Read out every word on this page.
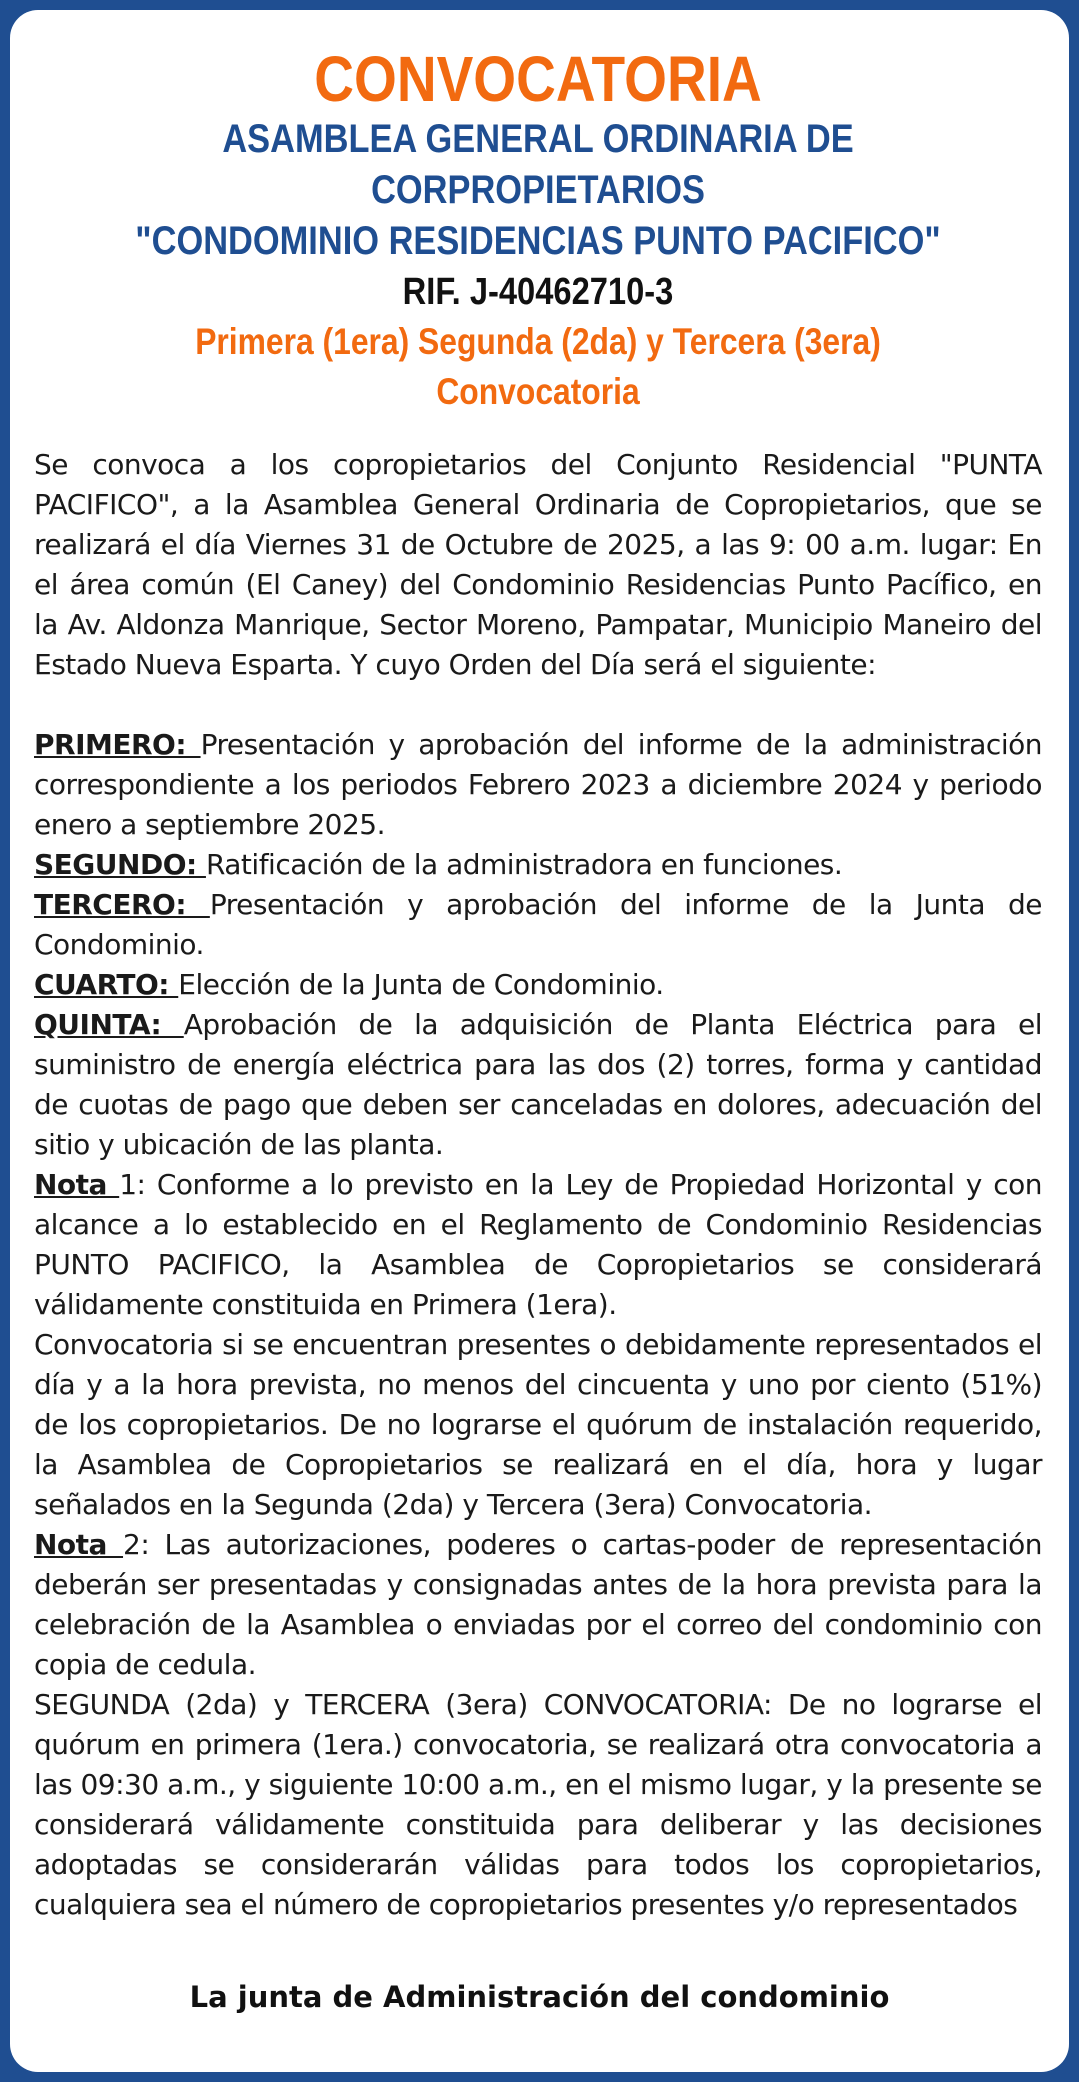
CONVOCATORIA
ASAMBLEA GENERAL ORDINARIA DE CORPROPIETARIOS
"CONDOMINIO RESIDENCIAS PUNTO PACIFICO"
RIF. J-40462710-3
Primera (1era) Segunda (2da) y Tercera (3era) Convocatoria

Se convoca a los copropietarios del Conjunto Residencial "PUNTA PACIFICO", a la Asamblea General Ordinaria de Copropietarios, que se realizará el día Viernes 31 de Octubre de 2025, a las 9: 00 a.m. lugar: En el área común (El Caney) del Condominio Residencias Punto Pacífico, en la Av. Aldonza Manrique, Sector Moreno, Pampatar, Municipio Maneiro del Estado Nueva Esparta. Y cuyo Orden del Día será el siguiente:

PRIMERO: Presentación y aprobación del informe de la administración correspondiente a los periodos Febrero 2023 a diciembre 2024 y periodo enero a septiembre 2025.

SEGUNDO: Ratificación de la administradora en funciones.

TERCERO: Presentación y aprobación del informe de la Junta de Condominio.

CUARTO: Elección de la Junta de Condominio.

QUINTA: Aprobación de la adquisición de Planta Eléctrica para el suministro de energía eléctrica para las dos (2) torres, forma y cantidad de cuotas de pago que deben ser canceladas en dolores, adecuación del sitio y ubicación de las planta.

Nota 1: Conforme a lo previsto en la Ley de Propiedad Horizontal y con alcance a lo establecido en el Reglamento de Condominio Residencias PUNTO PACIFICO, la Asamblea de Copropietarios se considerará válidamente constituida en Primera (1era).

Convocatoria si se encuentran presentes o debidamente representados el día y a la hora prevista, no menos del cincuenta y uno por ciento (51%) de los copropietarios. De no lograrse el quórum de instalación requerido, la Asamblea de Copropietarios se realizará en el día, hora y lugar señalados en la Segunda (2da) y Tercera (3era) Convocatoria.

Nota 2: Las autorizaciones, poderes o cartas-poder de representación deberán ser presentadas y consignadas antes de la hora prevista para la celebración de la Asamblea o enviadas por el correo del condominio con copia de cedula.

SEGUNDA (2da) y TERCERA (3era) CONVOCATORIA: De no lograrse el quórum en primera (1era.) convocatoria, se realizará otra convocatoria a las 09:30 a.m., y siguiente 10:00 a.m., en el mismo lugar, y la presente se considerará válidamente constituida para deliberar y las decisiones adoptadas se considerarán válidas para todos los copropietarios, cualquiera sea el número de copropietarios presentes y/o representados

La junta de Administración del condominio
